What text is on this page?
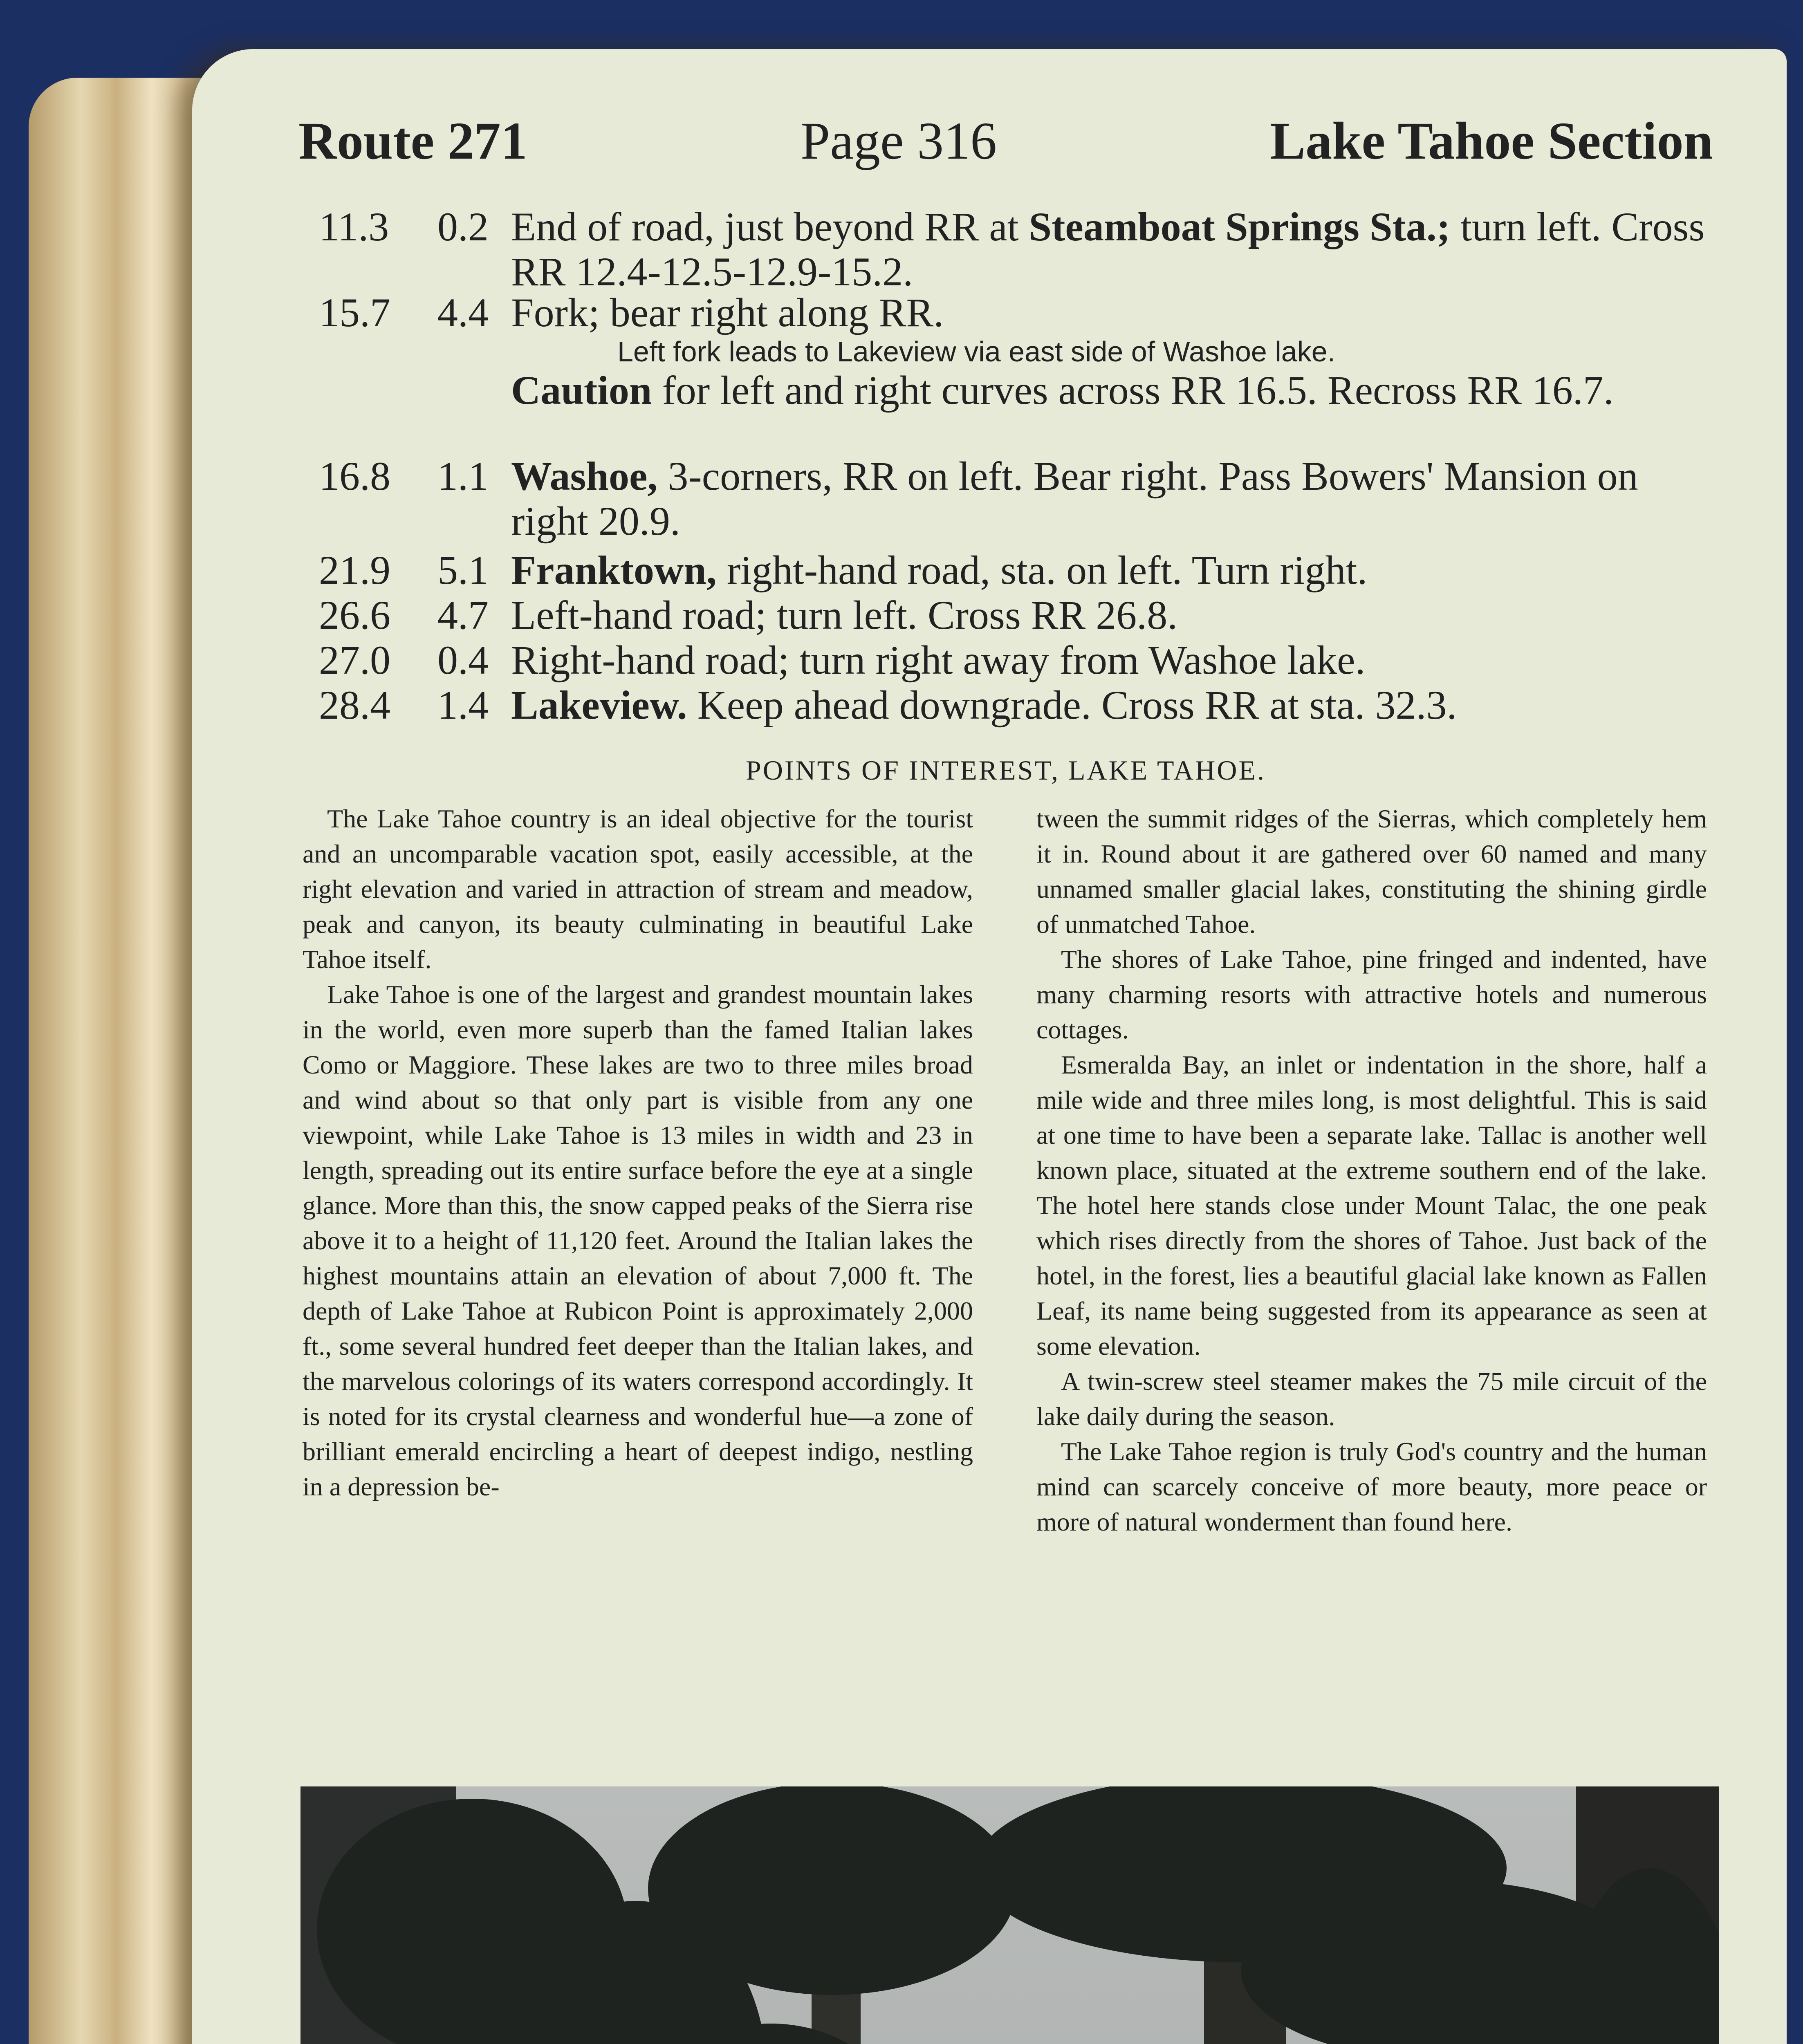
Route 271	Page 316	Lake Tahoe Section
11.3 0.2 End of road, just beyond RR at Steamboat Springs Sta.; turn left. Cross RR 12.4-12.5-12.9-15.2.
15.7 4.4 Fork; bear right along RR.
Left fork leads to Lakeview via east side of Washoe lake.
Caution for left and right curves across RR 16.5. Recross RR 16.7.
16.8 1.1 Washoe, 3-corners, RR on left. Bear right. Pass Bowers' Mansion on right 20.9.
21.9 5.1 Franktown, right-hand road, sta. on left. Turn right.
26.6 4.7 Left-hand road; turn left. Cross RR 26.8.
27.0 0.4 Right-hand road; turn right away from Washoe lake.
28.4 1.4 Lakeview. Keep ahead downgrade. Cross RR at sta. 32.3.
POINTS OF INTEREST, LAKE TAHOE.

The Lake Tahoe country is an ideal objective for the tourist and an uncomparable vacation spot, easily accessible, at the right elevation and varied in attraction of stream and meadow, peak and canyon, its beauty culminating in beautiful Lake Tahoe itself.

Lake Tahoe is one of the largest and grandest mountain lakes in the world, even more superb than the famed Italian lakes Como or Maggiore. These lakes are two to three miles broad and wind about so that only part is visible from any one viewpoint, while Lake Tahoe is 13 miles in width and 23 in length, spreading out its entire surface before the eye at a single glance. More than this, the snow capped peaks of the Sierra rise above it to a height of 11,120 feet. Around the Italian lakes the highest mountains attain an elevation of about 7,000 ft. The depth of Lake Tahoe at Rubicon Point is approximately 2,000 ft., some several hundred feet deeper than the Italian lakes, and the marvelous colorings of its waters correspond accordingly. It is noted for its crystal clearness and wonderful hue—a zone of brilliant emerald encircling a heart of deepest indigo, nestling in a depression be-

tween the summit ridges of the Sierras, which completely hem it in. Round about it are gathered over 60 named and many unnamed smaller glacial lakes, constituting the shining girdle of unmatched Tahoe.

The shores of Lake Tahoe, pine fringed and indented, have many charming resorts with attractive hotels and numerous cottages.

Esmeralda Bay, an inlet or indentation in the shore, half a mile wide and three miles long, is most delightful. This is said at one time to have been a separate lake. Tallac is another well known place, situated at the extreme southern end of the lake. The hotel here stands close under Mount Talac, the one peak which rises directly from the shores of Tahoe. Just back of the hotel, in the forest, lies a beautiful glacial lake known as Fallen Leaf, its name being suggested from its appearance as seen at some elevation.

A twin-screw steel steamer makes the 75 mile circuit of the lake daily during the season.

The Lake Tahoe region is truly God's country and the human mind can scarcely conceive of more beauty, more peace or more of natural wonderment than found here.
